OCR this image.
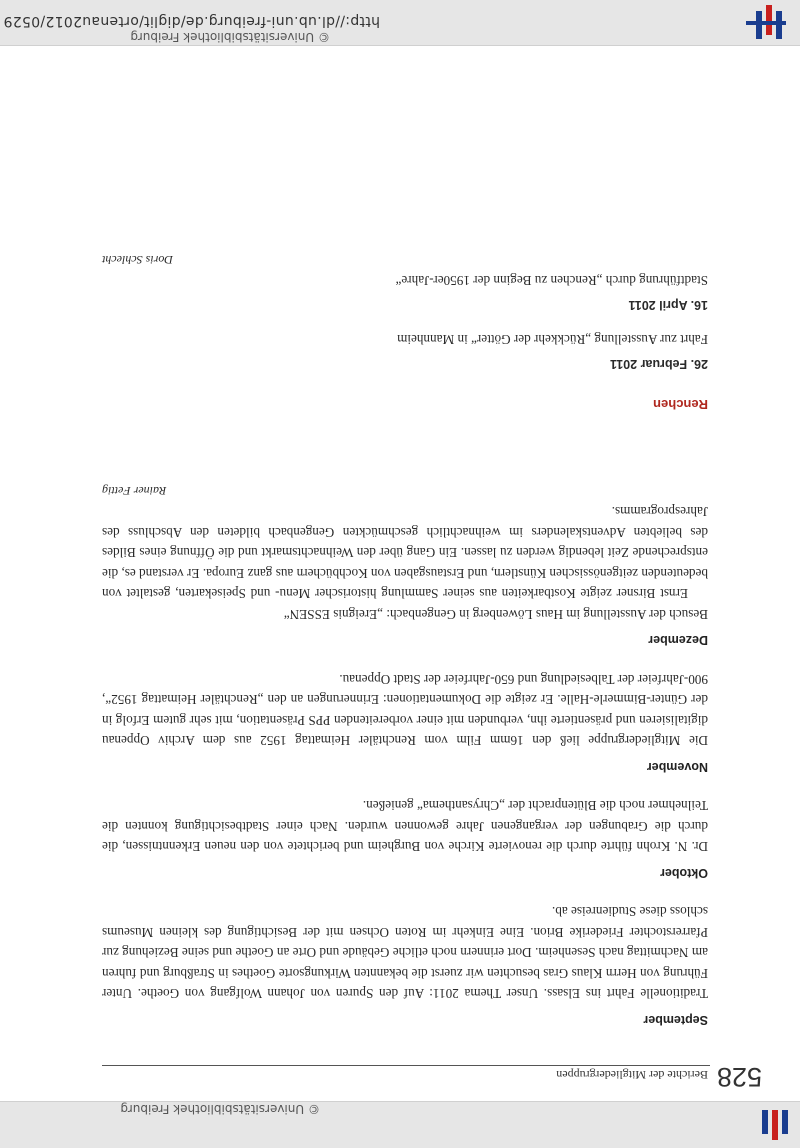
© Universitätsbibliothek Freiburg
© Universitätsbibliothek Freiburg
http://dl.ub.uni-freiburg.de/diglit/ortenau2012/0529
528
Berichte der Mitgliedergruppen
September

Traditionelle Fahrt ins Elsass. Unser Thema 2011: Auf den Spuren von Johann Wolfgang von Goethe. Unter Führung von Herrn Klaus Gras besuchten wir zuerst die bekannten Wirkungsorte Goethes in Straßburg und fuhren am Nachmittag nach Sesenheim. Dort erinnern noch etliche Gebäude und Orte an Goethe und seine Beziehung zur Pfarrerstochter Friederike Brion. Eine Einkehr im Roten Ochsen mit der Besichtigung des kleinen Museums schloss diese Studienreise ab.

Oktober

Dr. N. Krohn führte durch die renovierte Kirche von Burgheim und berichtete von den neuen Erkenntnissen, die durch die Grabungen der vergangenen Jahre gewonnen wurden. Nach einer Stadtbesichtigung konnten die Teilnehmer noch die Blütenpracht der „Chrysanthema“ genießen.

November

Die Mitgliedergruppe ließ den 16mm Film vom Renchtäler Heimattag 1952 aus dem Archiv Oppenau digitalisieren und präsentierte ihn, verbunden mit einer vorbereitenden PPS Präsentation, mit sehr gutem Erfolg in der Günter-Bimmerle-Halle. Er zeigte die Dokumentationen: Erinnerungen an den „Renchtäler Heimattag 1952“, 900-Jahrfeier der Talbesiedlung und 650-Jahrfeier der Stadt Oppenau.

Dezember

Besuch der Ausstellung im Haus Löwenberg in Gengenbach: „Ereignis ESSEN“

Ernst Birsner zeigte Kostbarkeiten aus seiner Sammlung historischer Menu- und Speisekarten, gestaltet von bedeutenden zeitgenössischen Künstlern, und Erstausgaben von Kochbüchern aus ganz Europa. Er verstand es, die entsprechende Zeit lebendig werden zu lassen. Ein Gang über den Weihnachtsmarkt und die Öffnung eines Bildes des beliebten Adventskalenders im weihnachtlich geschmückten Gengenbach bildeten den Abschluss des Jahresprogramms.

Rainer Fettig
Renchen
26. Februar 2011

Fahrt zur Ausstellung „Rückkehr der Götter“ in Mannheim

16. April 2011

Stadtführung durch „Renchen zu Beginn der 1950er-Jahre“

Doris Schlecht
